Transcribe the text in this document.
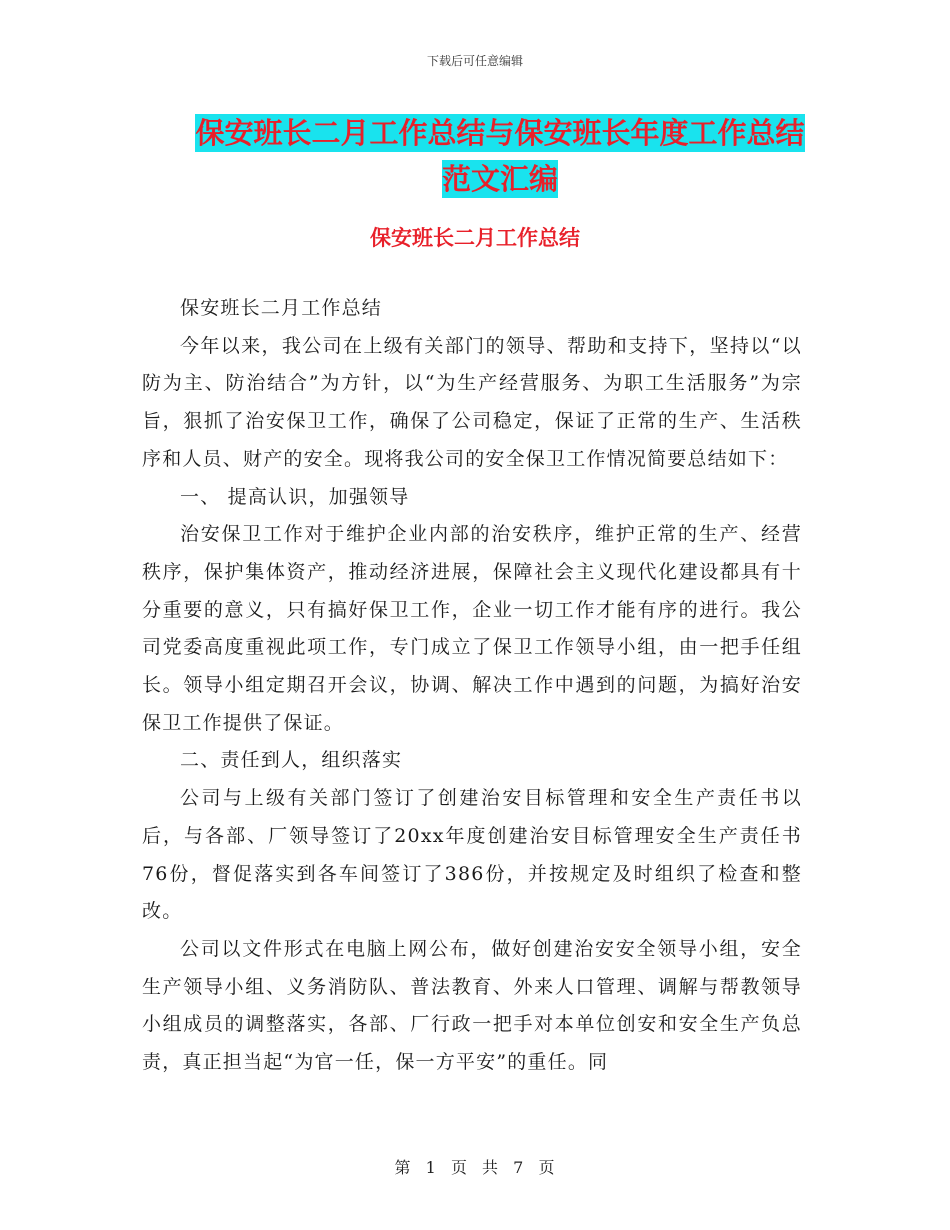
下载后可任意编辑
保安班长二月工作总结与保安班长年度工作总结范文汇编
保安班长二月工作总结

保安班长二月工作总结

今年以来，我公司在上级有关部门的领导、帮助和支持下，坚持以“以防为主、防治结合”为方针，以“为生产经营服务、为职工生活服务”为宗旨，狠抓了治安保卫工作，确保了公司稳定，保证了正常的生产、生活秩序和人员、财产的安全。现将我公司的安全保卫工作情况简要总结如下：

一、 提高认识，加强领导

治安保卫工作对于维护企业内部的治安秩序，维护正常的生产、经营秩序，保护集体资产，推动经济进展，保障社会主义现代化建设都具有十分重要的意义，只有搞好保卫工作，企业一切工作才能有序的进行。我公司党委高度重视此项工作，专门成立了保卫工作领导小组，由一把手任组长。领导小组定期召开会议，协调、解决工作中遇到的问题，为搞好治安保卫工作提供了保证。

二、责任到人，组织落实

公司与上级有关部门签订了创建治安目标管理和安全生产责任书以后，与各部、厂领导签订了20xx年度创建治安目标管理安全生产责任书76份，督促落实到各车间签订了386份，并按规定及时组织了检查和整改。

公司以文件形式在电脑上网公布，做好创建治安安全领导小组，安全生产领导小组、义务消防队、普法教育、外来人口管理、调解与帮教领导小组成员的调整落实，各部、厂行政一把手对本单位创安和安全生产负总责，真正担当起“为官一任，保一方平安”的重任。同

第 1 页 共 7 页
